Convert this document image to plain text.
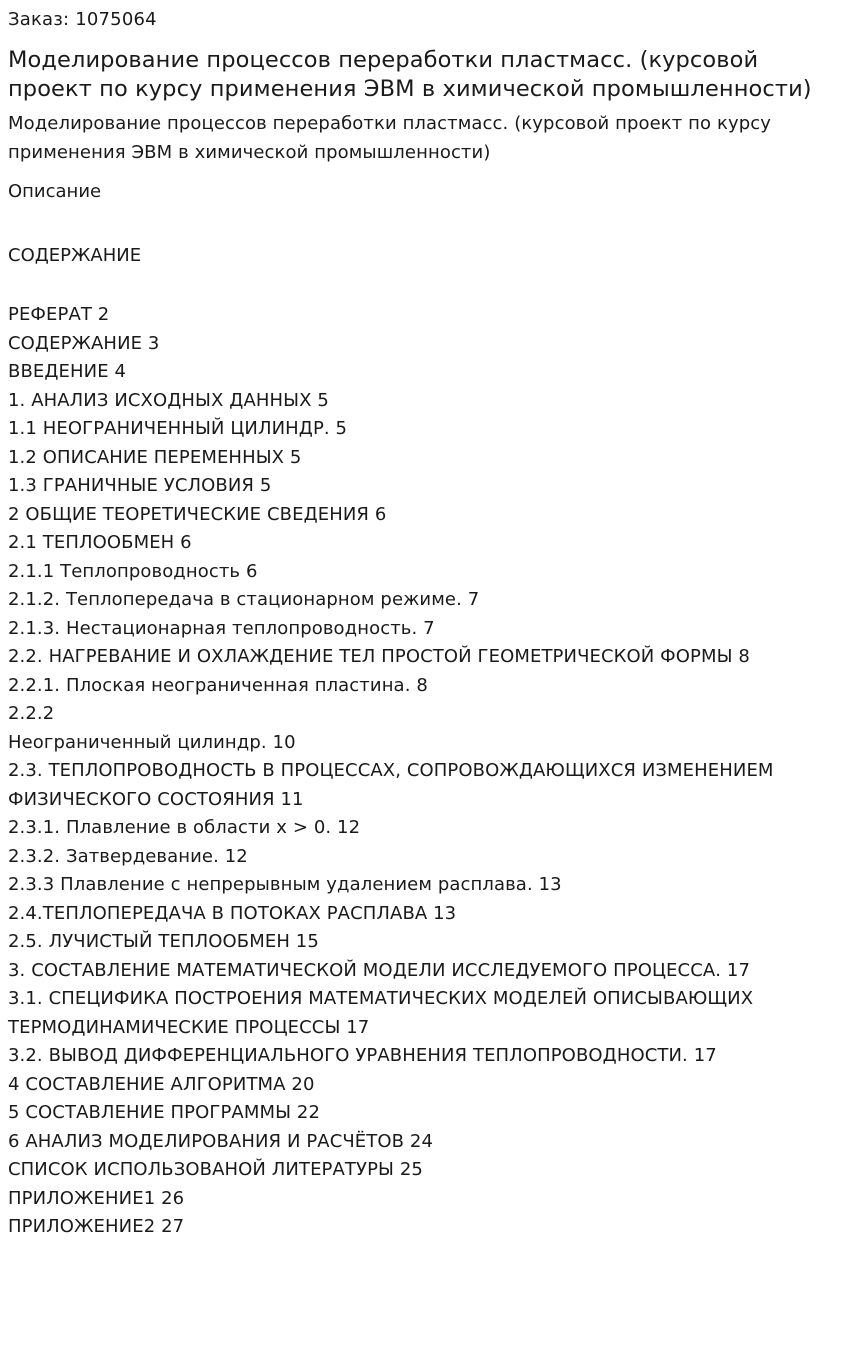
Заказ: 1075064

Моделирование процессов переработки пластмасс. (курсовой проект по курсу применения ЭВМ в химической промышленности)

Моделирование процессов переработки пластмасс. (курсовой проект по курсу применения ЭВМ в химической промышленности)

Описание

СОДЕРЖАНИЕ

РЕФЕРАТ 2
СОДЕРЖАНИЕ 3
ВВЕДЕНИЕ 4
1. АНАЛИЗ ИСХОДНЫХ ДАННЫХ 5
1.1 НЕОГРАНИЧЕННЫЙ ЦИЛИНДР. 5
1.2 ОПИСАНИЕ ПЕРЕМЕННЫХ 5
1.3 ГРАНИЧНЫЕ УСЛОВИЯ 5
2 ОБЩИЕ ТЕОРЕТИЧЕСКИЕ СВЕДЕНИЯ 6
2.1 ТЕПЛООБМЕН 6
2.1.1 Теплопроводность 6
2.1.2. Теплопередача в стационарном режиме. 7
2.1.3. Нестационарная теплопроводность. 7
2.2. НАГРЕВАНИЕ И ОХЛАЖДЕНИЕ ТЕЛ ПРОСТОЙ ГЕОМЕТРИЧЕСКОЙ ФОРМЫ 8
2.2.1. Плоская неограниченная пластина. 8
2.2.2
Неограниченный цилиндр. 10
2.3. ТЕПЛОПРОВОДНОСТЬ В ПРОЦЕССАХ, СОПРОВОЖДАЮЩИХСЯ ИЗМЕНЕНИЕМ ФИЗИЧЕСКОГО СОСТОЯНИЯ 11
2.3.1. Плавление в области x > 0. 12
2.3.2. Затвердевание. 12
2.3.3 Плавление с непрерывным удалением расплава. 13
2.4.ТЕПЛОПЕРЕДАЧА В ПОТОКАХ РАСПЛАВА 13
2.5. ЛУЧИСТЫЙ ТЕПЛООБМЕН 15
3. СОСТАВЛЕНИЕ МАТЕМАТИЧЕСКОЙ МОДЕЛИ ИССЛЕДУЕМОГО ПРОЦЕССА. 17
3.1. СПЕЦИФИКА ПОСТРОЕНИЯ МАТЕМАТИЧЕСКИХ МОДЕЛЕЙ ОПИСЫВАЮЩИХ ТЕРМОДИНАМИЧЕСКИЕ ПРОЦЕССЫ 17
3.2. ВЫВОД ДИФФЕРЕНЦИАЛЬНОГО УРАВНЕНИЯ ТЕПЛОПРОВОДНОСТИ. 17
4 СОСТАВЛЕНИЕ АЛГОРИТМА 20
5 СОСТАВЛЕНИЕ ПРОГРАММЫ 22
6 АНАЛИЗ МОДЕЛИРОВАНИЯ И РАСЧЁТОВ 24
СПИСОК ИСПОЛЬЗОВАНОЙ ЛИТЕРАТУРЫ 25
ПРИЛОЖЕНИЕ1 26
ПРИЛОЖЕНИЕ2 27
